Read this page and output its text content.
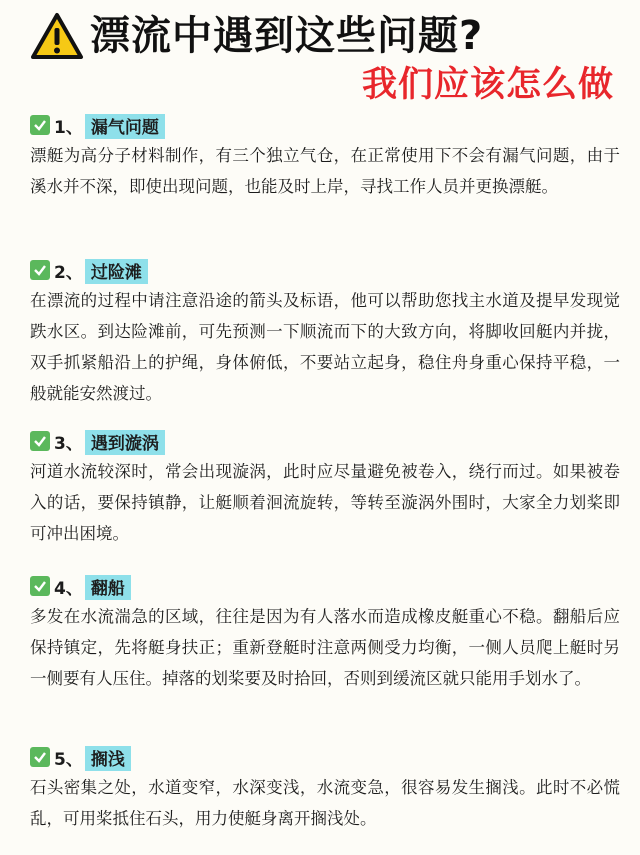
漂流中遇到这些问题?
我们应该怎么做
1、 漏气问题
漂艇为高分子材料制作，有三个独立气仓，在正常使用下不会有漏气问题，由于溪水并不深，即使出现问题，也能及时上岸，寻找工作人员并更换漂艇。
2、 过险滩
在漂流的过程中请注意沿途的箭头及标语，他可以帮助您找主水道及提早发现觉跌水区。到达险滩前，可先预测一下顺流而下的大致方向，将脚收回艇内并拢，双手抓紧船沿上的护绳，身体俯低，不要站立起身，稳住舟身重心保持平稳，一般就能安然渡过。
3、 遇到漩涡
河道水流较深时，常会出现漩涡，此时应尽量避免被卷入，绕行而过。如果被卷入的话，要保持镇静，让艇顺着洄流旋转，等转至漩涡外围时，大家全力划桨即可冲出困境。
4、 翻船
多发在水流湍急的区域，往往是因为有人落水而造成橡皮艇重心不稳。翻船后应保持镇定，先将艇身扶正；重新登艇时注意两侧受力均衡，一侧人员爬上艇时另一侧要有人压住。掉落的划桨要及时拾回，否则到缓流区就只能用手划水了。
5、 搁浅
石头密集之处，水道变窄，水深变浅，水流变急，很容易发生搁浅。此时不必慌乱，可用桨抵住石头，用力使艇身离开搁浅处。
